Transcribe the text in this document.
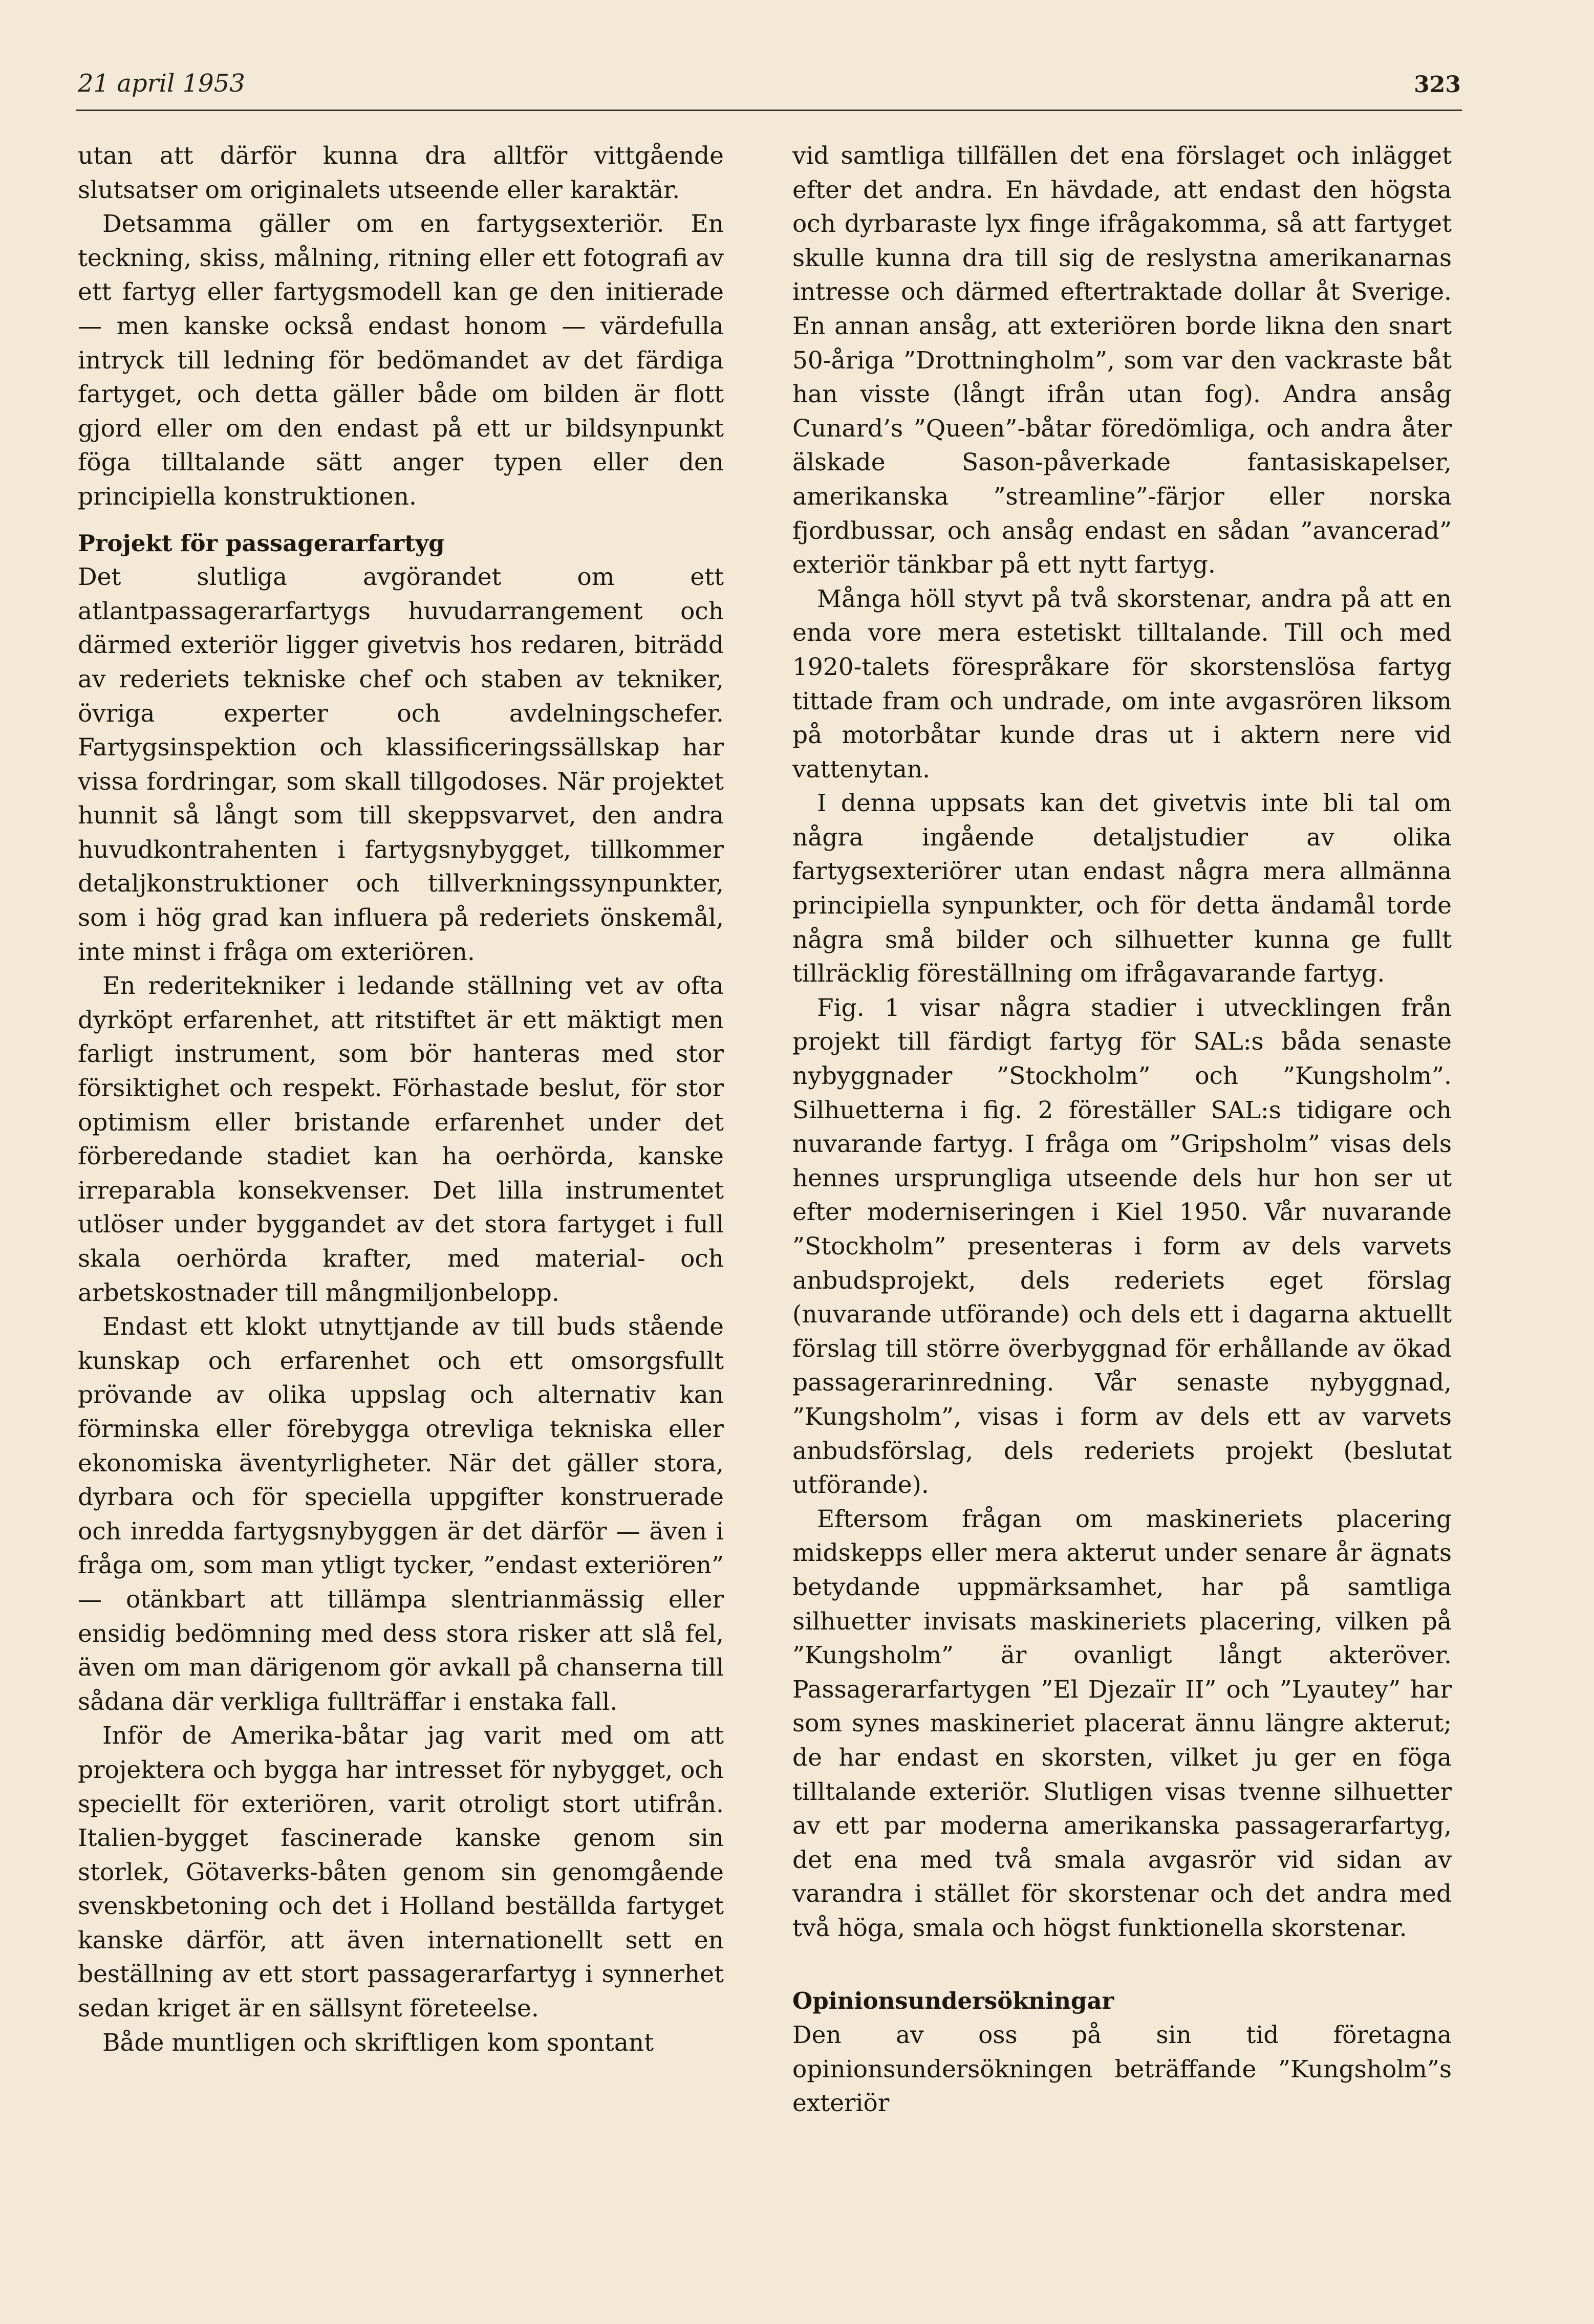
21 april 1953	323

utan att därför kunna dra alltför vittgående slutsatser om originalets utseende eller karaktär.

Detsamma gäller om en fartygsexteriör. En teckning, skiss, målning, ritning eller ett fotografi av ett fartyg eller fartygsmodell kan ge den initierade — men kanske också endast honom — värdefulla intryck till ledning för bedömandet av det färdiga fartyget, och detta gäller både om bilden är flott gjord eller om den endast på ett ur bildsynpunkt föga tilltalande sätt anger typen eller den principiella konstruktionen.

Projekt för passagerarfartyg

Det slutliga avgörandet om ett atlantpassagerarfartygs huvudarrangement och därmed exteriör ligger givetvis hos redaren, biträdd av rederiets tekniske chef och staben av tekniker, övriga experter och avdelningschefer. Fartygsinspektion och klassificeringssällskap har vissa fordringar, som skall tillgodoses. När projektet hunnit så långt som till skeppsvarvet, den andra huvudkontrahenten i fartygsnybygget, tillkommer detaljkonstruktioner och tillverkningssynpunkter, som i hög grad kan influera på rederiets önskemål, inte minst i fråga om exteriören.

En rederitekniker i ledande ställning vet av ofta dyrköpt erfarenhet, att ritstiftet är ett mäktigt men farligt instrument, som bör hanteras med stor försiktighet och respekt. Förhastade beslut, för stor optimism eller bristande erfarenhet under det förberedande stadiet kan ha oerhörda, kanske irreparabla konsekvenser. Det lilla instrumentet utlöser under byggandet av det stora fartyget i full skala oerhörda krafter, med material- och arbetskostnader till mångmiljonbelopp.

Endast ett klokt utnyttjande av till buds stående kunskap och erfarenhet och ett omsorgsfullt prövande av olika uppslag och alternativ kan förminska eller förebygga otrevliga tekniska eller ekonomiska äventyrligheter. När det gäller stora, dyrbara och för speciella uppgifter konstruerade och inredda fartygsnybyggen är det därför — även i fråga om, som man ytligt tycker, ”endast exteriören” — otänkbart att tillämpa slentrianmässig eller ensidig bedömning med dess stora risker att slå fel, även om man därigenom gör avkall på chanserna till sådana där verkliga fullträffar i enstaka fall.

Inför de Amerika-båtar jag varit med om att projektera och bygga har intresset för nybygget, och speciellt för exteriören, varit otroligt stort utifrån. Italien-bygget fascinerade kanske genom sin storlek, Götaverks-båten genom sin genomgående svenskbetoning och det i Holland beställda fartyget kanske därför, att även internationellt sett en beställning av ett stort passagerarfartyg i synnerhet sedan kriget är en sällsynt företeelse.

Både muntligen och skriftligen kom spontant

vid samtliga tillfällen det ena förslaget och inlägget efter det andra. En hävdade, att endast den högsta och dyrbaraste lyx finge ifrågakomma, så att fartyget skulle kunna dra till sig de reslystna amerikanarnas intresse och därmed eftertraktade dollar åt Sverige. En annan ansåg, att exteriören borde likna den snart 50-åriga ”Drottningholm”, som var den vackraste båt han visste (långt ifrån utan fog). Andra ansåg Cunard’s ”Queen”-båtar föredömliga, och andra åter älskade Sason-påverkade fantasiskapelser, amerikanska ”streamline”-färjor eller norska fjordbussar, och ansåg endast en sådan ”avancerad” exteriör tänkbar på ett nytt fartyg.

Många höll styvt på två skorstenar, andra på att en enda vore mera estetiskt tilltalande. Till och med 1920-talets förespråkare för skorstenslösa fartyg tittade fram och undrade, om inte avgasrören liksom på motorbåtar kunde dras ut i aktern nere vid vattenytan.

I denna uppsats kan det givetvis inte bli tal om några ingående detaljstudier av olika fartygsexteriörer utan endast några mera allmänna principiella synpunkter, och för detta ändamål torde några små bilder och silhuetter kunna ge fullt tillräcklig föreställning om ifrågavarande fartyg.

Fig. 1 visar några stadier i utvecklingen från projekt till färdigt fartyg för SAL:s båda senaste nybyggnader ”Stockholm” och ”Kungsholm”. Silhuetterna i fig. 2 föreställer SAL:s tidigare och nuvarande fartyg. I fråga om ”Gripsholm” visas dels hennes ursprungliga utseende dels hur hon ser ut efter moderniseringen i Kiel 1950. Vår nuvarande ”Stockholm” presenteras i form av dels varvets anbudsprojekt, dels rederiets eget förslag (nuvarande utförande) och dels ett i dagarna aktuellt förslag till större överbyggnad för erhållande av ökad passagerarinredning. Vår senaste nybyggnad, ”Kungsholm”, visas i form av dels ett av varvets anbudsförslag, dels rederiets projekt (beslutat utförande).

Eftersom frågan om maskineriets placering midskepps eller mera akterut under senare år ägnats betydande uppmärksamhet, har på samtliga silhuetter invisats maskineriets placering, vilken på ”Kungsholm” är ovanligt långt akteröver. Passagerarfartygen ”El Djezaïr II” och ”Lyautey” har som synes maskineriet placerat ännu längre akterut; de har endast en skorsten, vilket ju ger en föga tilltalande exteriör. Slutligen visas tvenne silhuetter av ett par moderna amerikanska passagerarfartyg, det ena med två smala avgasrör vid sidan av varandra i stället för skorstenar och det andra med två höga, smala och högst funktionella skorstenar.

Opinionsundersökningar

Den av oss på sin tid företagna opinionsundersökningen beträffande ”Kungsholm”s exteriör
